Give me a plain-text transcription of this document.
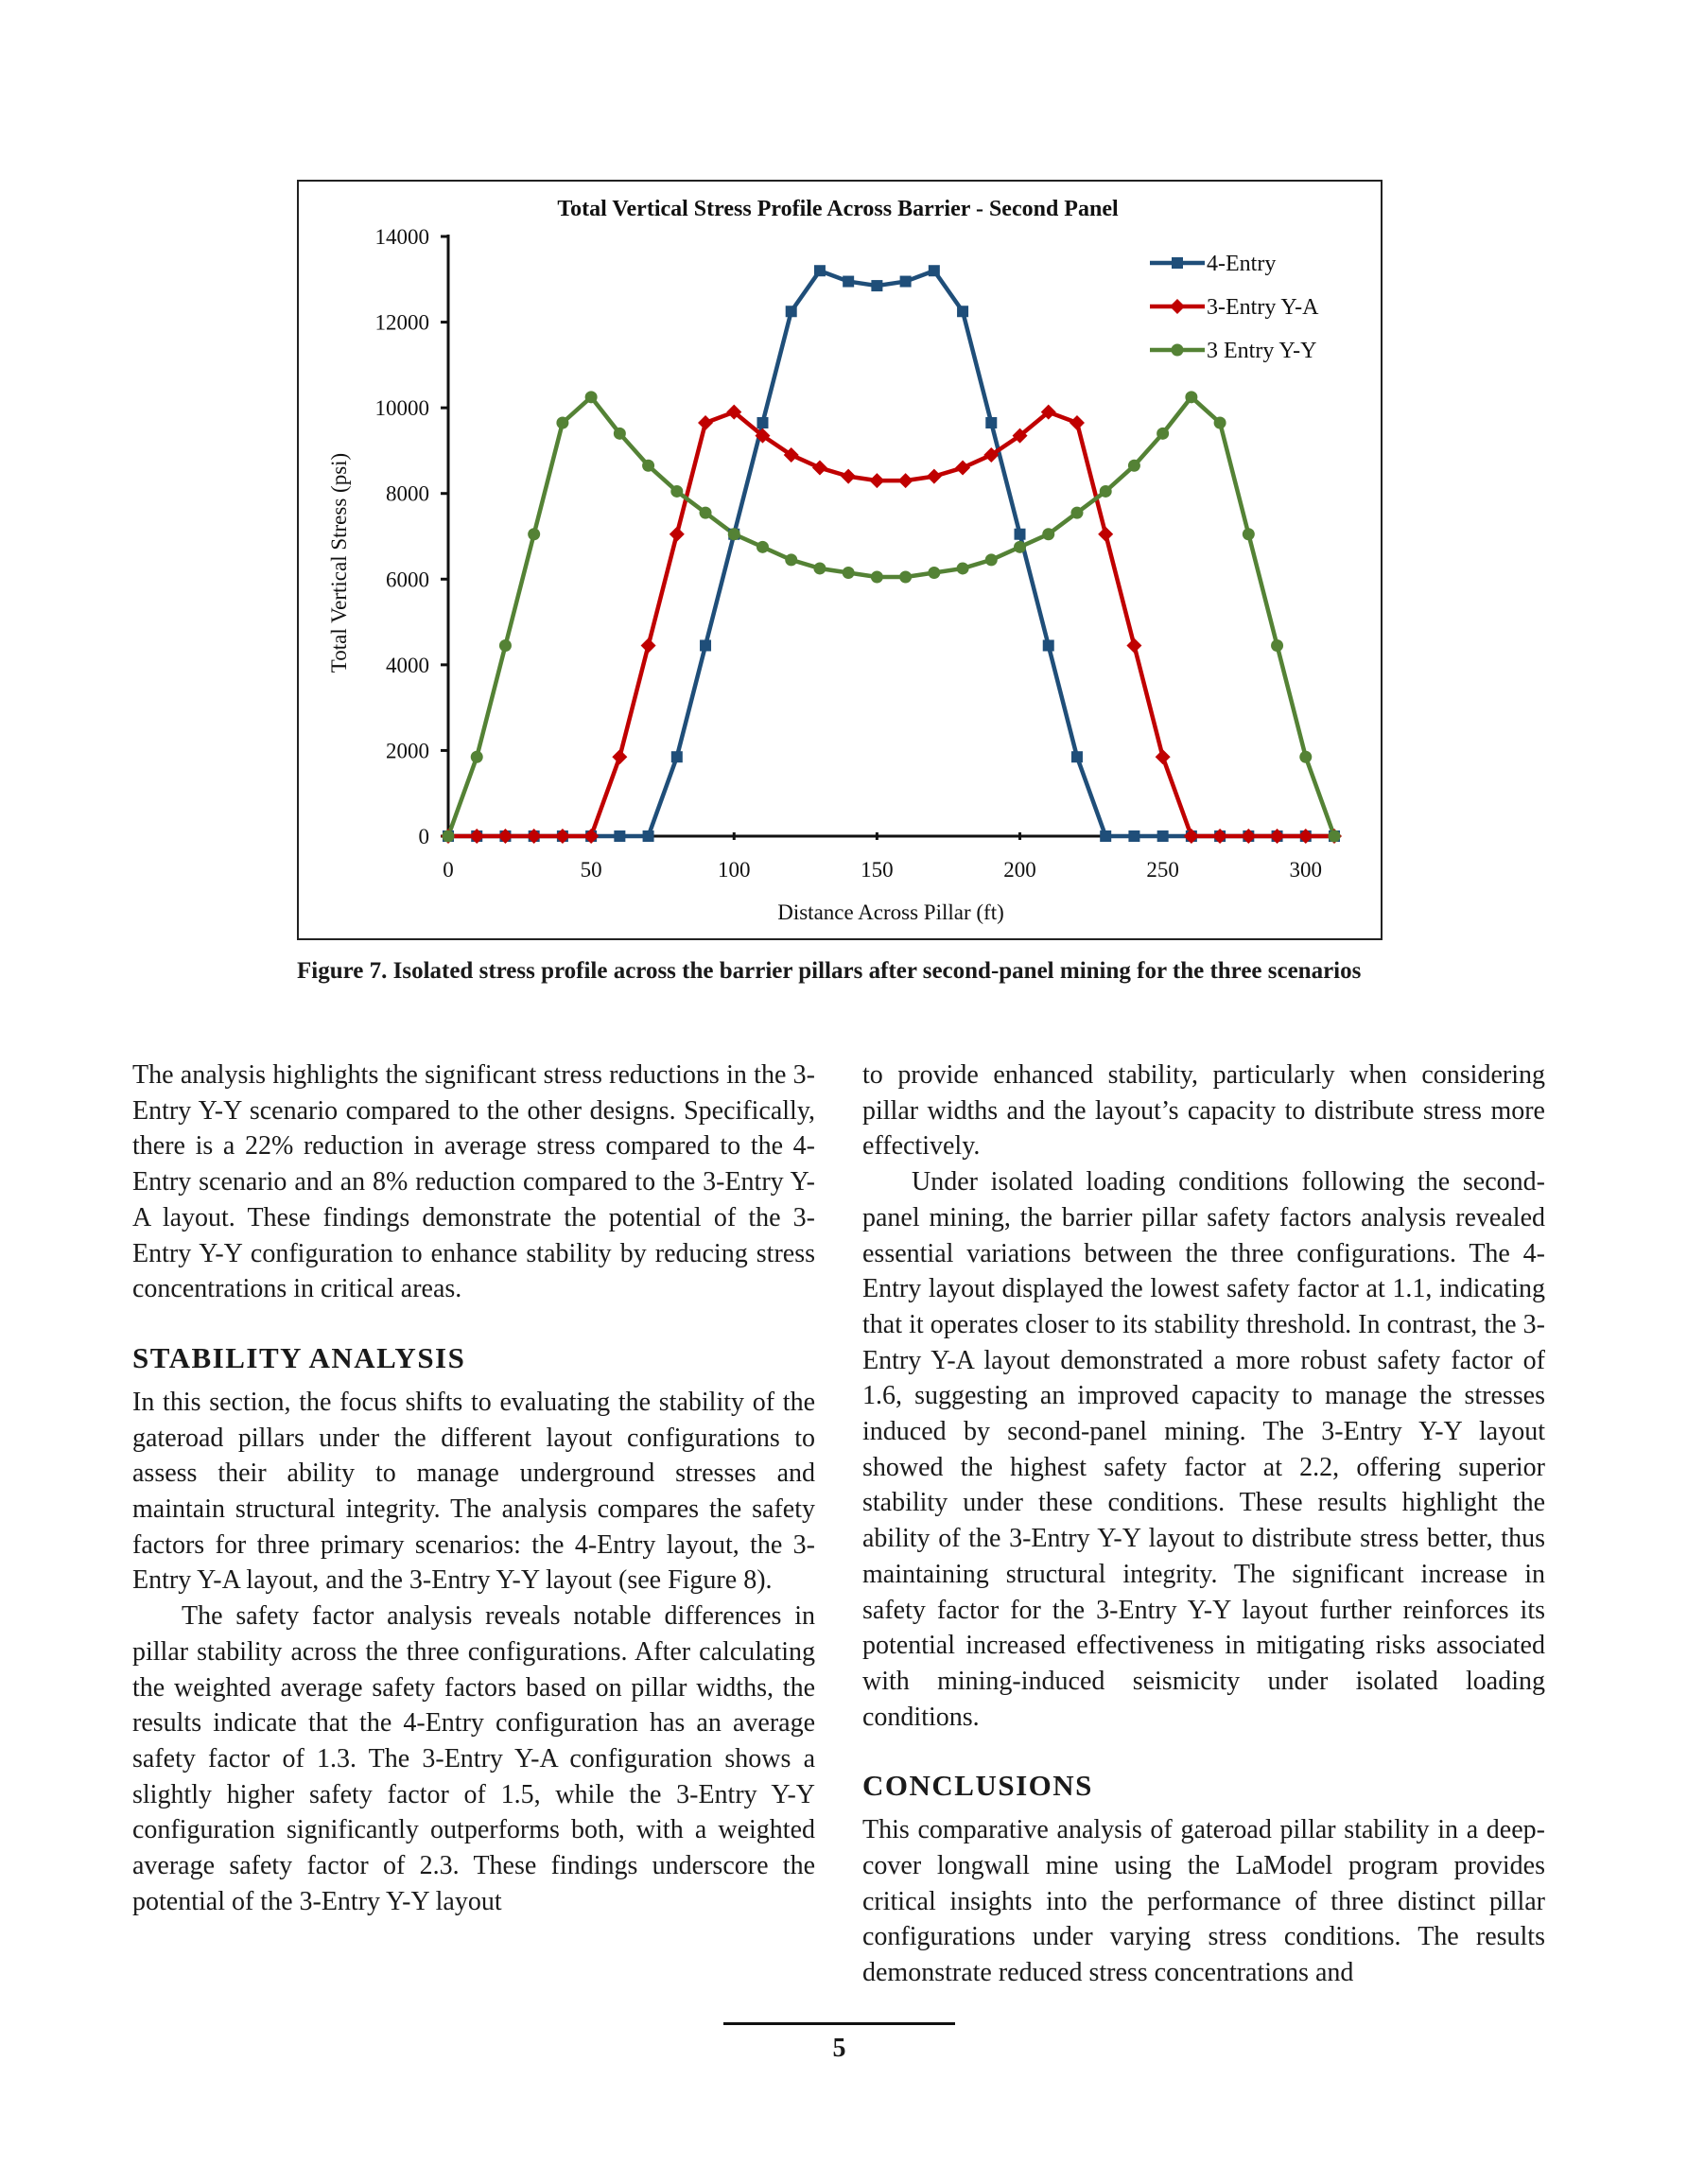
Total Vertical Stress Profile Across Barrier - Second Panel
0
2000
4000
6000
8000
10000
12000
14000
0	50	100	150	200	250	300
Distance Across Pillar (ft)
Total Vertical Stress (psi)
4-Entry
3-Entry Y-A
3 Entry Y-Y
Figure 7. Isolated stress profile across the barrier pillars after second-panel mining for the three scenarios

The analysis highlights the significant stress reductions in the 3-Entry Y-Y scenario compared to the other designs. Specifically, there is a 22% reduction in average stress compared to the 4-Entry scenario and an 8% reduction compared to the 3-Entry Y-A layout. These findings demonstrate the potential of the 3-Entry Y-Y configuration to enhance stability by reducing stress concentrations in critical areas.

STABILITY ANALYSIS

In this section, the focus shifts to evaluating the stability of the gateroad pillars under the different layout configurations to assess their ability to manage underground stresses and maintain structural integrity. The analysis compares the safety factors for three primary scenarios: the 4-Entry layout, the 3-Entry Y-A layout, and the 3-Entry Y-Y layout (see Figure 8).

The safety factor analysis reveals notable differences in pillar stability across the three configurations. After calculating the weighted average safety factors based on pillar widths, the results indicate that the 4-Entry configuration has an average safety factor of 1.3. The 3-Entry Y-A configuration shows a slightly higher safety factor of 1.5, while the 3-Entry Y-Y configuration significantly outperforms both, with a weighted average safety factor of 2.3. These findings underscore the potential of the 3-Entry Y-Y layout

to provide enhanced stability, particularly when considering pillar widths and the layout’s capacity to distribute stress more effectively.

Under isolated loading conditions following the second-panel mining, the barrier pillar safety factors analysis revealed essential variations between the three configurations. The 4-Entry layout displayed the lowest safety factor at 1.1, indicating that it operates closer to its stability threshold. In contrast, the 3-Entry Y-A layout demonstrated a more robust safety factor of 1.6, suggesting an improved capacity to manage the stresses induced by second-panel mining. The 3-Entry Y-Y layout showed the highest safety factor at 2.2, offering superior stability under these conditions. These results highlight the ability of the 3-Entry Y-Y layout to distribute stress better, thus maintaining structural integrity. The significant increase in safety factor for the 3-Entry Y-Y layout further reinforces its potential increased effectiveness in mitigating risks associated with mining-induced seismicity under isolated loading conditions.

CONCLUSIONS

This comparative analysis of gateroad pillar stability in a deep-cover longwall mine using the LaModel program provides critical insights into the performance of three distinct pillar configurations under varying stress conditions. The results demonstrate reduced stress concentrations and

5
